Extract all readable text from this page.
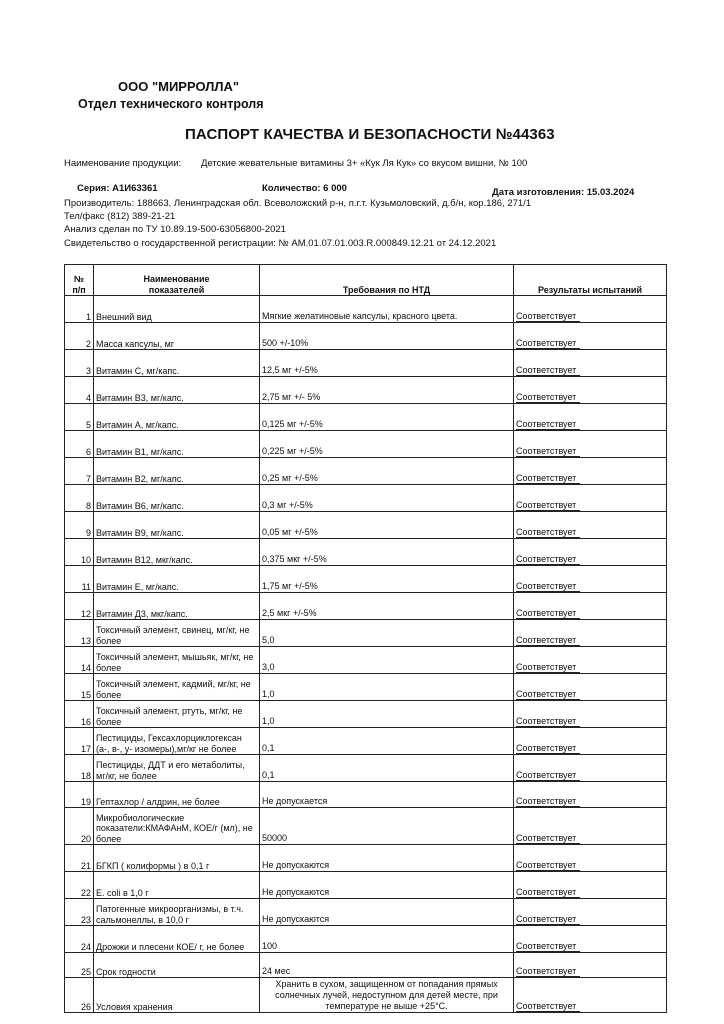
ООО "МИРРОЛЛА"
Отдел технического контроля
ПАСПОРТ КАЧЕСТВА И БЕЗОПАСНОСТИ №44363
Наименование продукции: Детские жевательные витамины 3+ «Кук Ля Кук» со вкусом вишни, № 100
Серия: А1И63361	Количество: 6 000	Дата изготовления: 15.03.2024
Производитель: 188663, Ленинградская обл. Всеволожский р-н, п.г.т. Кузьмоловский, д.б/н, кор.186, 271/1
Тел/факс (812) 389-21-21
Анализ сделан по ТУ 10.89.19-500-63056800-2021
Свидетельство о государственной регистрации: № АМ.01.07.01.003.R.000849.12.21 от 24.12.2021
№
п/п	Наименование
показателей	Требования по НТД	Результаты испытаний
1	Внешний вид	Мягкие желатиновые капсулы, красного цвета.	Соответствует
2	Масса капсулы, мг	500 +/-10%	Соответствует
3	Витамин С, мг/капс.	12,5 мг +/-5%	Соответствует
4	Витамин В3, мг/капс.	2,75 мг +/- 5%	Соответствует
5	Витамин А, мг/капс.	0,125 мг +/-5%	Соответствует
6	Витамин В1, мг/капс.	0,225 мг +/-5%	Соответствует
7	Витамин В2, мг/капс.	0,25 мг +/-5%	Соответствует
8	Витамин В6, мг/капс.	0,3 мг +/-5%	Соответствует
9	Витамин В9, мг/капс.	0,05 мг +/-5%	Соответствует
10	Витамин В12, мкг/капс.	0,375 мкг +/-5%	Соответствует
11	Витамин Е, мг/капс.	1,75 мг +/-5%	Соответствует
12	Витамин Д3, мкг/капс.	2,5 мкг +/-5%	Соответствует
13	Токсичный элемент, свинец, мг/кг, не более	5,0	Соответствует
14	Токсичный элемент, мышьяк, мг/кг, не более	3,0	Соответствует
15	Токсичный элемент, кадмий, мг/кг, не более	1,0	Соответствует
16	Токсичный элемент, ртуть, мг/кг, не более	1,0	Соответствует
17	Пестициды, Гексахлорциклогексан (а-, в-, у- изомеры),мг/кг не более	0,1	Соответствует
18	Пестициды, ДДТ и его метаболиты, мг/кг, не более	0,1	Соответствует
19	Гептахлор / алдрин, не более	Не допускается	Соответствует
20	Микробиологические показатели:КМАФАнМ, КОЕ/г (мл), не более	50000	Соответствует
21	БГКП ( колиформы ) в 0,1 г	Не допускаются	Соответствует
22	E. coli в 1,0 г	Не допускаются	Соответствует
23	Патогенные микроорганизмы, в т.ч. сальмонеллы, в 10,0 г	Не допускаются	Соответствует
24	Дрожжи и плесени КОЕ/ г, не более	100	Соответствует
25	Срок годности	24 мес	Соответствует
26	Условия хранения	Хранить в сухом, защищенном от попадания прямых солнечных лучей, недоступном для детей месте, при температуре не выше +25°С.	Соответствует
